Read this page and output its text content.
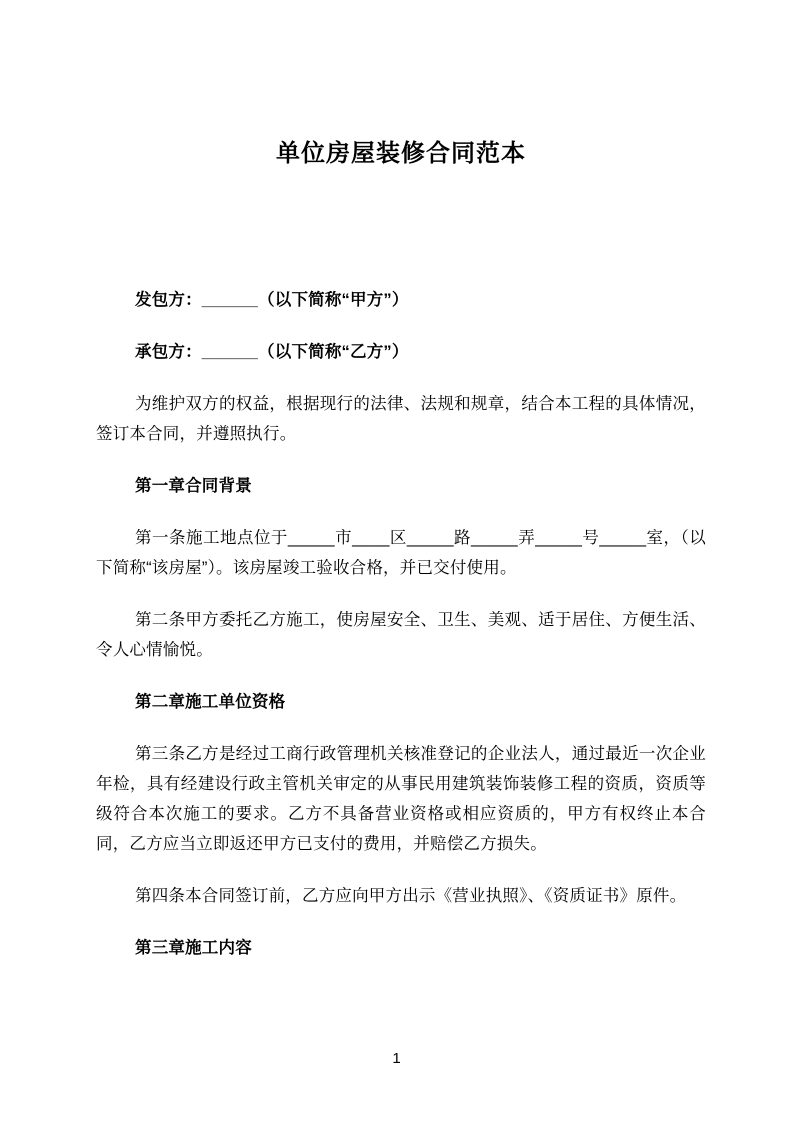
单位房屋装修合同范本

发包方：______（以下简称“甲方”）

承包方：______（以下简称“乙方”）

为维护双方的权益，根据现行的法律、法规和规章，结合本工程的具体情况，签订本合同，并遵照执行。

第一章合同背景

第一条施工地点位于_____市____区_____路_____弄_____号_____室，（以下简称“该房屋”）。该房屋竣工验收合格，并已交付使用。

第二条甲方委托乙方施工，使房屋安全、卫生、美观、适于居住、方便生活、令人心情愉悦。

第二章施工单位资格

第三条乙方是经过工商行政管理机关核准登记的企业法人，通过最近一次企业年检，具有经建设行政主管机关审定的从事民用建筑装饰装修工程的资质，资质等级符合本次施工的要求。乙方不具备营业资格或相应资质的，甲方有权终止本合同，乙方应当立即返还甲方已支付的费用，并赔偿乙方损失。

第四条本合同签订前，乙方应向甲方出示《营业执照》、《资质证书》原件。

第三章施工内容

1
